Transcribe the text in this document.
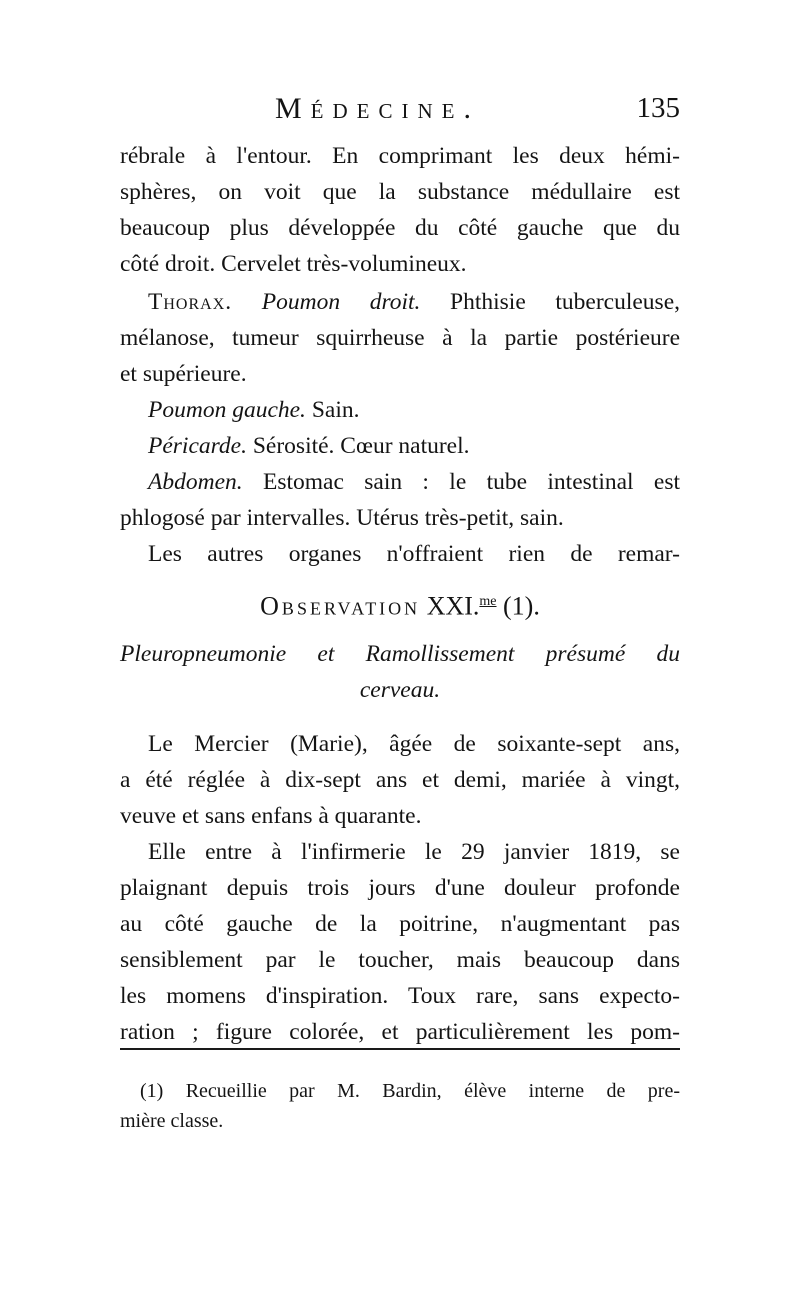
Médecine.	135
rébrale à l'entour. En comprimant les deux hémi-
sphères, on voit que la substance médullaire est
beaucoup plus développée du côté gauche que du
côté droit. Cervelet très-volumineux.
Thorax. Poumon droit. Phthisie tuberculeuse,
mélanose, tumeur squirrheuse à la partie postérieure
et supérieure.
Poumon gauche. Sain.
Péricarde. Sérosité. Cœur naturel.
Abdomen. Estomac sain : le tube intestinal est
phlogosé par intervalles. Utérus très-petit, sain.
Les autres organes n'offraient rien de remar-
Observation XXI.$^{me}$ (1).
Pleuropneumonie et Ramollissement présumé du
cerveau.
Le Mercier (Marie), âgée de soixante-sept ans,
a été réglée à dix-sept ans et demi, mariée à vingt,
veuve et sans enfans à quarante.
Elle entre à l'infirmerie le 29 janvier 1819, se
plaignant depuis trois jours d'une douleur profonde
au côté gauche de la poitrine, n'augmentant pas
sensiblement par le toucher, mais beaucoup dans
les momens d'inspiration. Toux rare, sans expecto-
ration ; figure colorée, et particulièrement les pom-
(1) Recueillie par M. Bardin, élève interne de pre-
mière classe.
